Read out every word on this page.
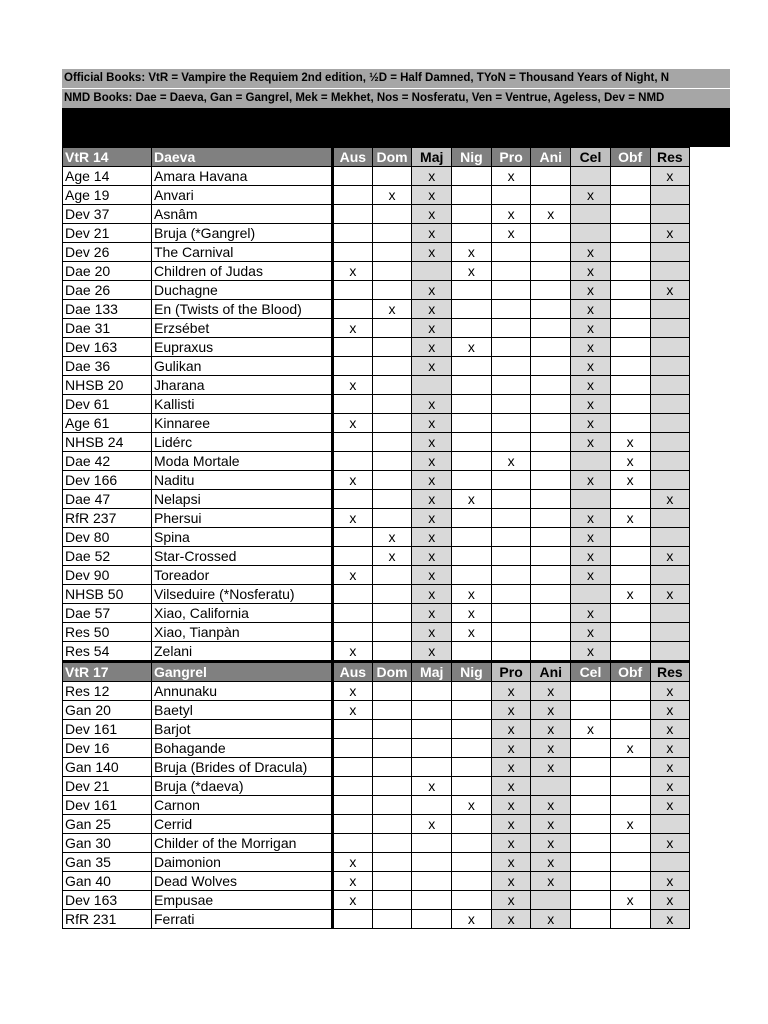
Official Books: VtR = Vampire the Requiem 2nd edition, ½D = Half Damned, TYoN = Thousand Years of Night, N
NMD Books: Dae = Daeva, Gan = Gangrel, Mek = Mekhet, Nos = Nosferatu, Ven = Ventrue, Ageless, Dev = NMD
VtR 14	Daeva	Aus	Dom	Maj	Nig	Pro	Ani	Cel	Obf	Res
Age 14	Amara Havana			x		x				x
Age 19	Anvari		x	x				x		
Dev 37	Asnâm			x		x	x			
Dev 21	Bruja (*Gangrel)			x		x				x
Dev 26	The Carnival			x	x			x		
Dae 20	Children of Judas	x			x			x		
Dae 26	Duchagne			x				x		x
Dae 133	En (Twists of the Blood)		x	x				x		
Dae 31	Erzsébet	x		x				x		
Dev 163	Eupraxus			x	x			x		
Dae 36	Gulikan			x				x		
NHSB 20	Jharana	x						x		
Dev 61	Kallisti			x				x		
Age 61	Kinnaree	x		x				x		
NHSB 24	Lidérc			x				x	x	
Dae 42	Moda Mortale			x		x			x	
Dev 166	Naditu	x		x				x	x	
Dae 47	Nelapsi			x	x					x
RfR 237	Phersui	x		x				x	x	
Dev 80	Spina		x	x				x		
Dae 52	Star-Crossed		x	x				x		x
Dev 90	Toreador	x		x				x		
NHSB 50	Vilseduire (*Nosferatu)			x	x				x	x
Dae 57	Xiao, California			x	x			x		
Res 50	Xiao, Tianpàn			x	x			x		
Res 54	Zelani	x		x				x		
VtR 17	Gangrel	Aus	Dom	Maj	Nig	Pro	Ani	Cel	Obf	Res
Res 12	Annunaku	x				x	x			x
Gan 20	Baetyl	x				x	x			x
Dev 161	Barjot					x	x	x		x
Dev 16	Bohagande					x	x		x	x
Gan 140	Bruja (Brides of Dracula)					x	x			x
Dev 21	Bruja (*daeva)			x		x				x
Dev 161	Carnon				x	x	x			x
Gan 25	Cerrid			x		x	x		x	
Gan 30	Childer of the Morrigan					x	x			x
Gan 35	Daimonion	x				x	x			
Gan 40	Dead Wolves	x				x	x			x
Dev 163	Empusae	x				x			x	x
RfR 231	Ferrati				x	x	x			x
